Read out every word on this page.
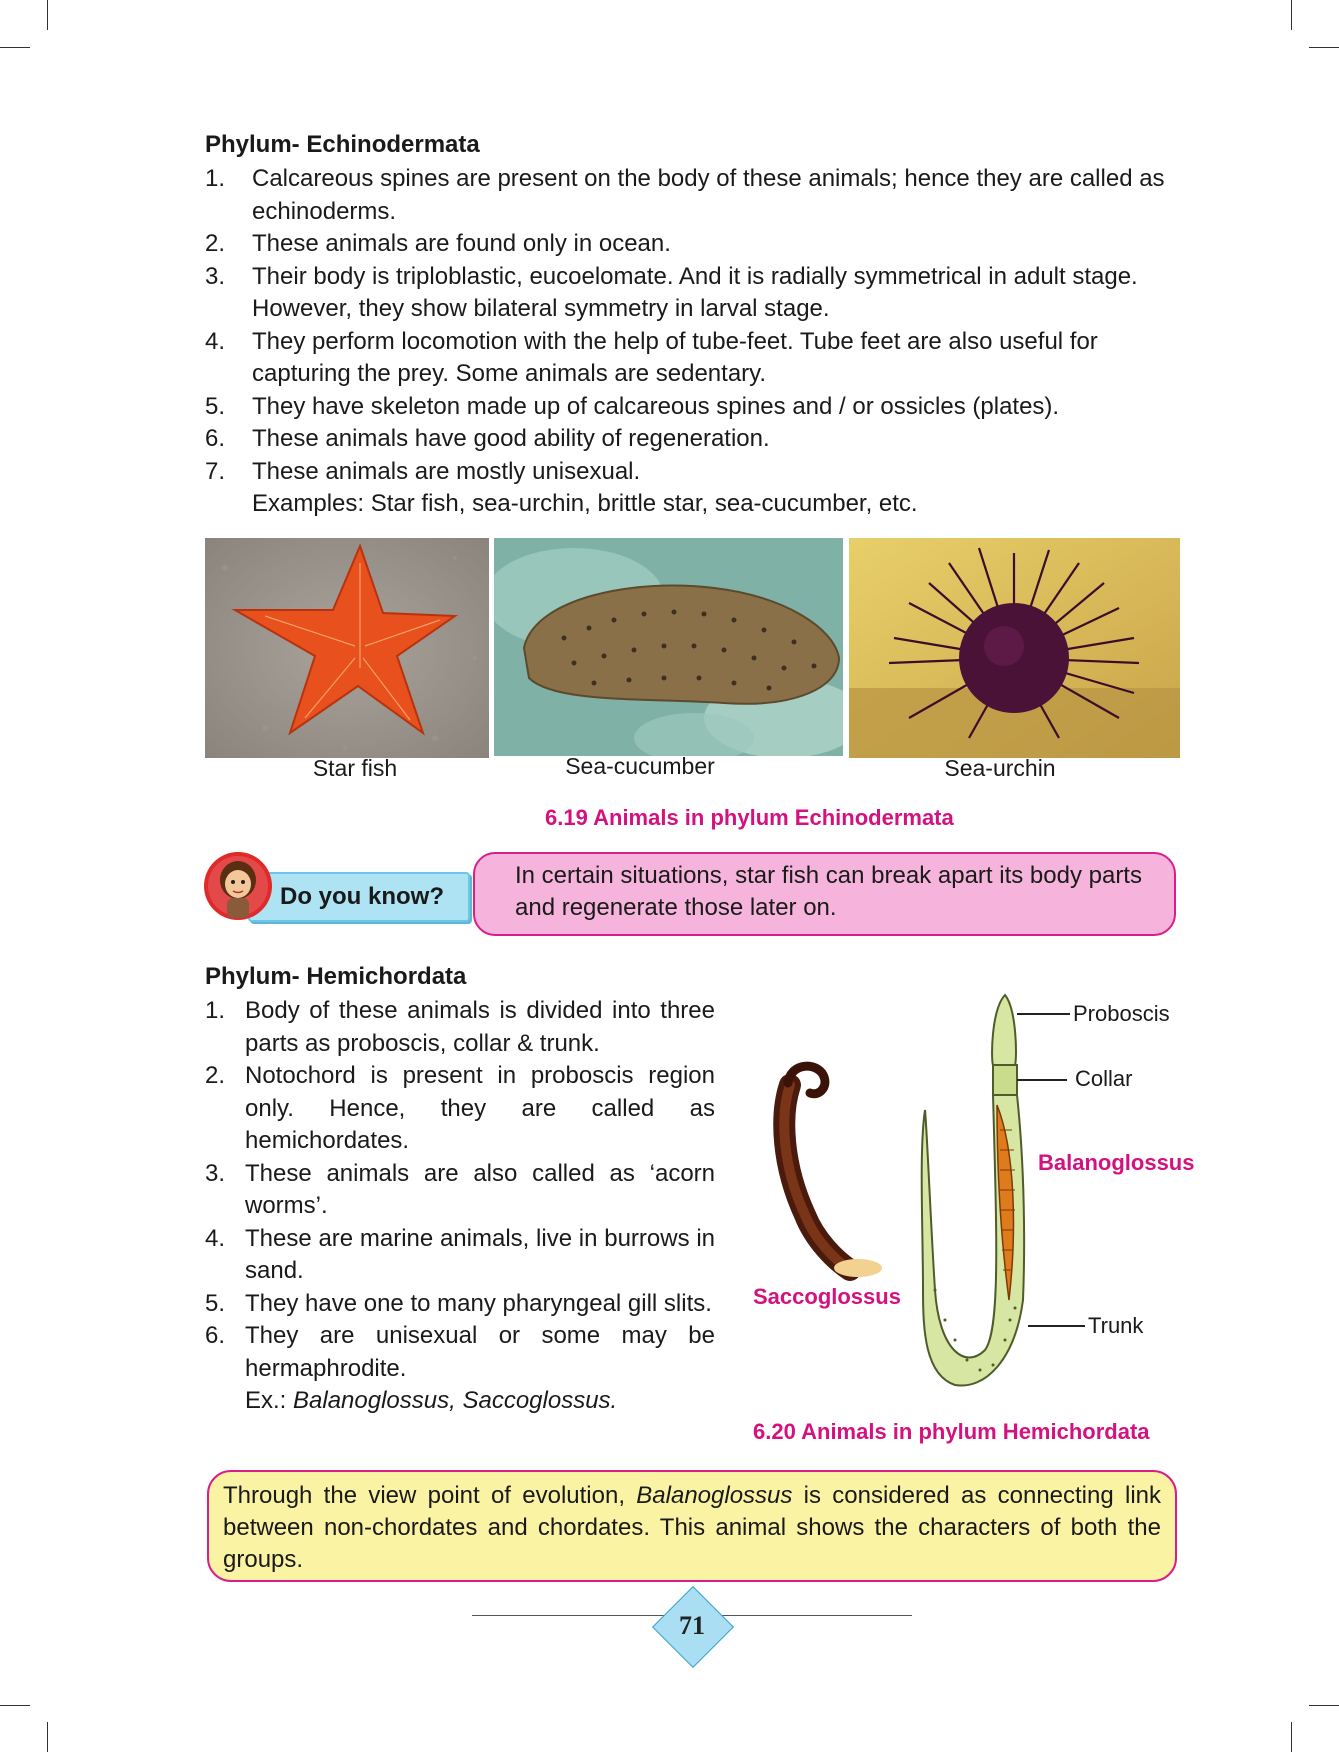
Phylum- Echinodermata
1. Calcareous spines are present on the body of these animals; hence they are called as echinoderms.
2. These animals are found only in ocean.
3. Their body is triploblastic, eucoelomate. And it is radially symmetrical in adult stage. However, they show bilateral symmetry in larval stage.
4. They perform locomotion with the help of tube-feet. Tube feet are also useful for capturing the prey. Some animals are sedentary.
5. They have skeleton made up of calcareous spines and / or ossicles (plates).
6. These animals have good ability of regeneration.
7. These animals are mostly unisexual.
Examples: Star fish, sea-urchin, brittle star, sea-cucumber, etc.
Star fish	Sea-cucumber	Sea-urchin
6.19 Animals in phylum Echinodermata
Do you know?
In certain situations, star fish can break apart its body parts and regenerate those later on.
Phylum- Hemichordata
1. Body of these animals is divided into three parts as proboscis, collar & trunk.
2. Notochord is present in proboscis region only. Hence, they are called as hemichordates.
3. These animals are also called as ‘acorn worms’.
4. These are marine animals, live in burrows in sand.
5. They have one to many pharyngeal gill slits.
6. They are unisexual or some may be hermaphrodite.
Ex.: Balanoglossus, Saccoglossus.
Proboscis
Collar
Balanoglossus
Trunk
Saccoglossus
6.20 Animals in phylum Hemichordata
Through the view point of evolution, Balanoglossus is considered as connecting link between non-chordates and chordates. This animal shows the characters of both the groups.
71
